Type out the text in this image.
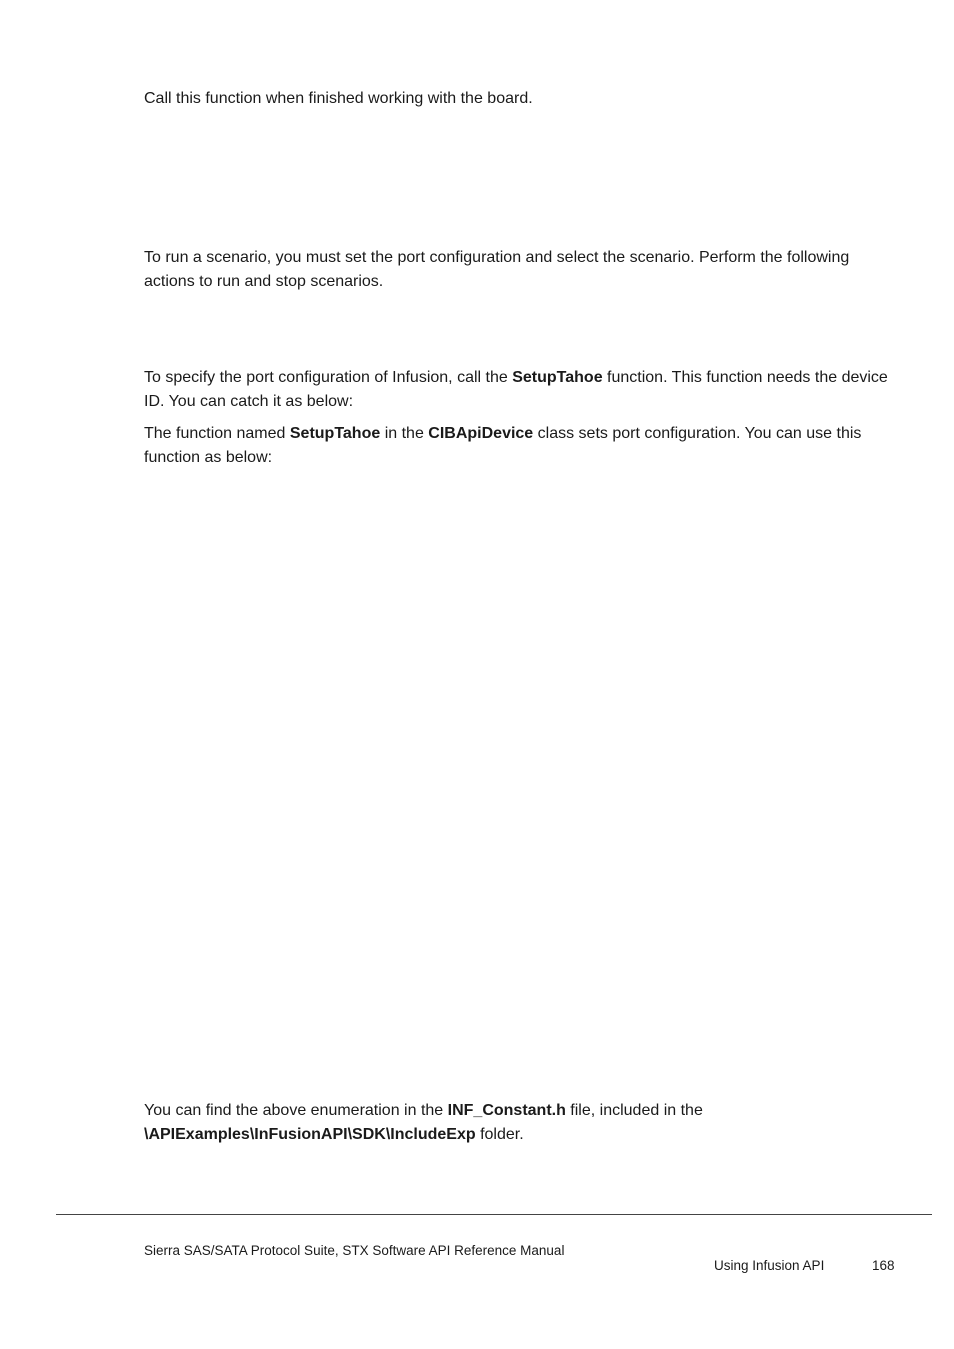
Call this function when finished working with the board.

To run a scenario, you must set the port configuration and select the scenario. Perform the following actions to run and stop scenarios.

To specify the port configuration of Infusion, call the SetupTahoe function. This function needs the device ID. You can catch it as below:

The function named SetupTahoe in the CIBApiDevice class sets port configuration. You can use this function as below:

You can find the above enumeration in the INF_Constant.h file, included in the
\APIExamples\InFusionAPI\SDK\IncludeExp folder.

Sierra SAS/SATA Protocol Suite, STX Software API Reference Manual
Using Infusion API	168
